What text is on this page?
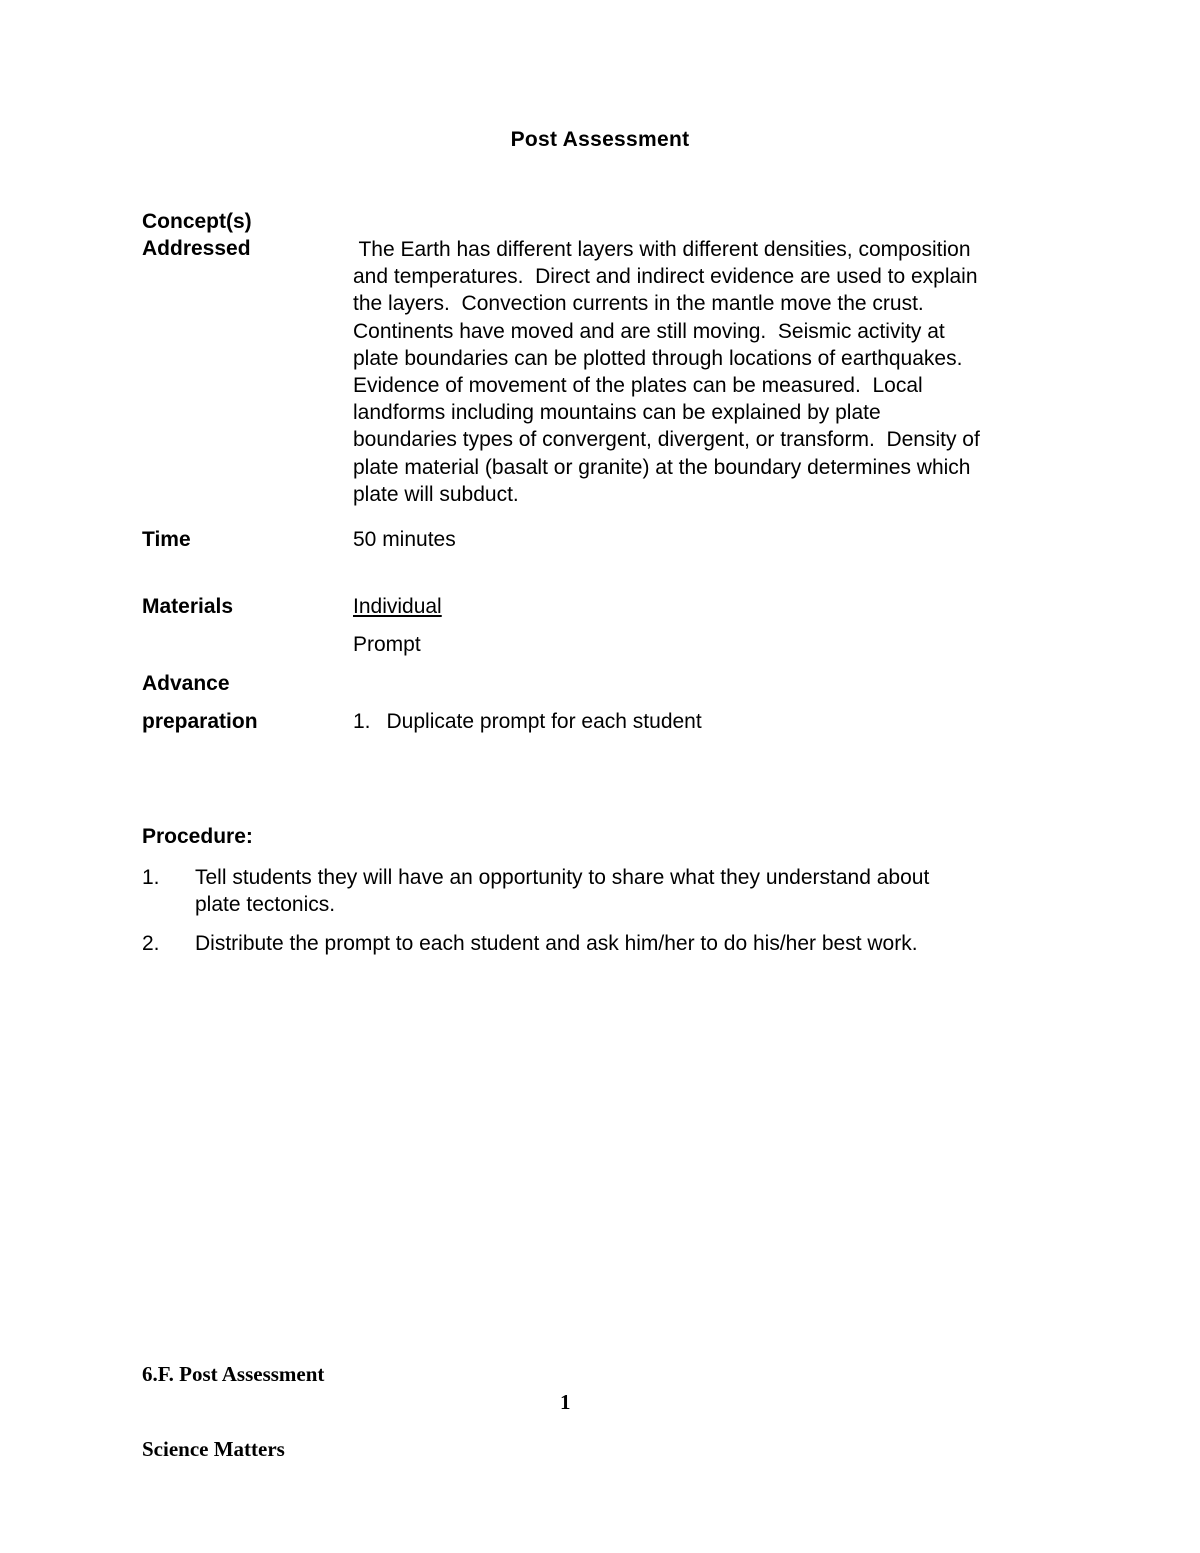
Post Assessment
Concept(s)
Addressed	The Earth has different layers with different densities, composition
and temperatures.  Direct and indirect evidence are used to explain
the layers.  Convection currents in the mantle move the crust.
Continents have moved and are still moving.  Seismic activity at
plate boundaries can be plotted through locations of earthquakes.
Evidence of movement of the plates can be measured.  Local
landforms including mountains can be explained by plate
boundaries types of convergent, divergent, or transform.  Density of
plate material (basalt or granite) at the boundary determines which
plate will subduct.
Time	50 minutes
Materials	Individual
Prompt
Advance
preparation	1. Duplicate prompt for each student
Procedure:
1. Tell students they will have an opportunity to share what they understand about
plate tectonics.
2. Distribute the prompt to each student and ask him/her to do his/her best work.
6.F. Post Assessment
1
Science Matters
